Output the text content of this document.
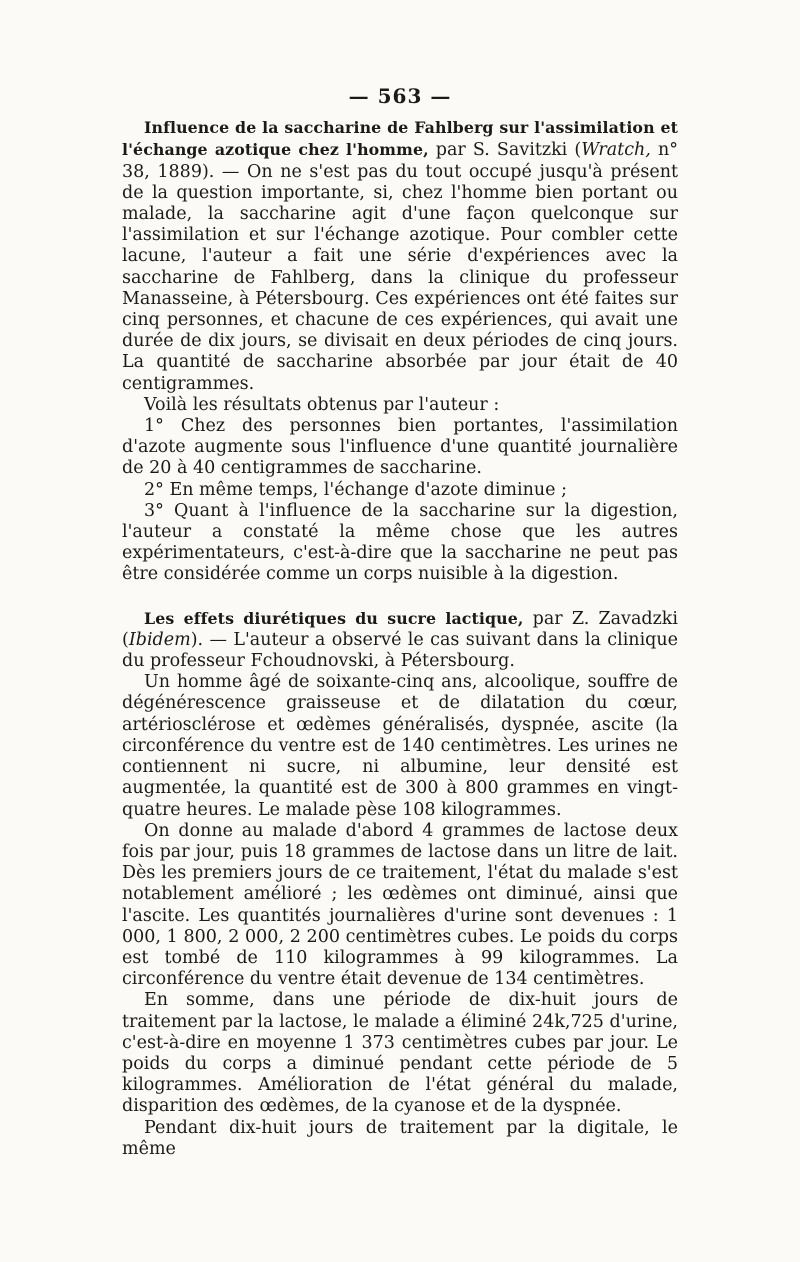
— 563 —

Influence de la saccharine de Fahlberg sur l'assimilation et l'échange azotique chez l'homme, par S. Savitzki (Wratch, n° 38, 1889). — On ne s'est pas du tout occupé jusqu'à présent de la question importante, si, chez l'homme bien portant ou malade, la saccharine agit d'une façon quelconque sur l'assimilation et sur l'échange azotique. Pour combler cette lacune, l'auteur a fait une série d'expériences avec la saccharine de Fahlberg, dans la clinique du professeur Manasseine, à Pétersbourg. Ces expériences ont été faites sur cinq personnes, et chacune de ces expériences, qui avait une durée de dix jours, se divisait en deux périodes de cinq jours. La quantité de saccharine absorbée par jour était de 40 centigrammes.

Voilà les résultats obtenus par l'auteur :

1° Chez des personnes bien portantes, l'assimilation d'azote augmente sous l'influence d'une quantité journalière de 20 à 40 centigrammes de saccharine.

2° En même temps, l'échange d'azote diminue ;

3° Quant à l'influence de la saccharine sur la digestion, l'auteur a constaté la même chose que les autres expérimentateurs, c'est-à-dire que la saccharine ne peut pas être considérée comme un corps nuisible à la digestion.

Les effets diurétiques du sucre lactique, par Z. Zavadzki (Ibidem). — L'auteur a observé le cas suivant dans la clinique du professeur Fchoudnovski, à Pétersbourg.

Un homme âgé de soixante-cinq ans, alcoolique, souffre de dégénérescence graisseuse et de dilatation du cœur, artériosclérose et œdèmes généralisés, dyspnée, ascite (la circonférence du ventre est de 140 centimètres. Les urines ne contiennent ni sucre, ni albumine, leur densité est augmentée, la quantité est de 300 à 800 grammes en vingt-quatre heures. Le malade pèse 108 kilogrammes.

On donne au malade d'abord 4 grammes de lactose deux fois par jour, puis 18 grammes de lactose dans un litre de lait. Dès les premiers jours de ce traitement, l'état du malade s'est notablement amélioré ; les œdèmes ont diminué, ainsi que l'ascite. Les quantités journalières d'urine sont devenues : 1 000, 1 800, 2 000, 2 200 centimètres cubes. Le poids du corps est tombé de 110 kilogrammes à 99 kilogrammes. La circonférence du ventre était devenue de 134 centimètres.

En somme, dans une période de dix-huit jours de traitement par la lactose, le malade a éliminé 24k,725 d'urine, c'est-à-dire en moyenne 1 373 centimètres cubes par jour. Le poids du corps a diminué pendant cette période de 5 kilogrammes. Amélioration de l'état général du malade, disparition des œdèmes, de la cyanose et de la dyspnée.

Pendant dix-huit jours de traitement par la digitale, le même
